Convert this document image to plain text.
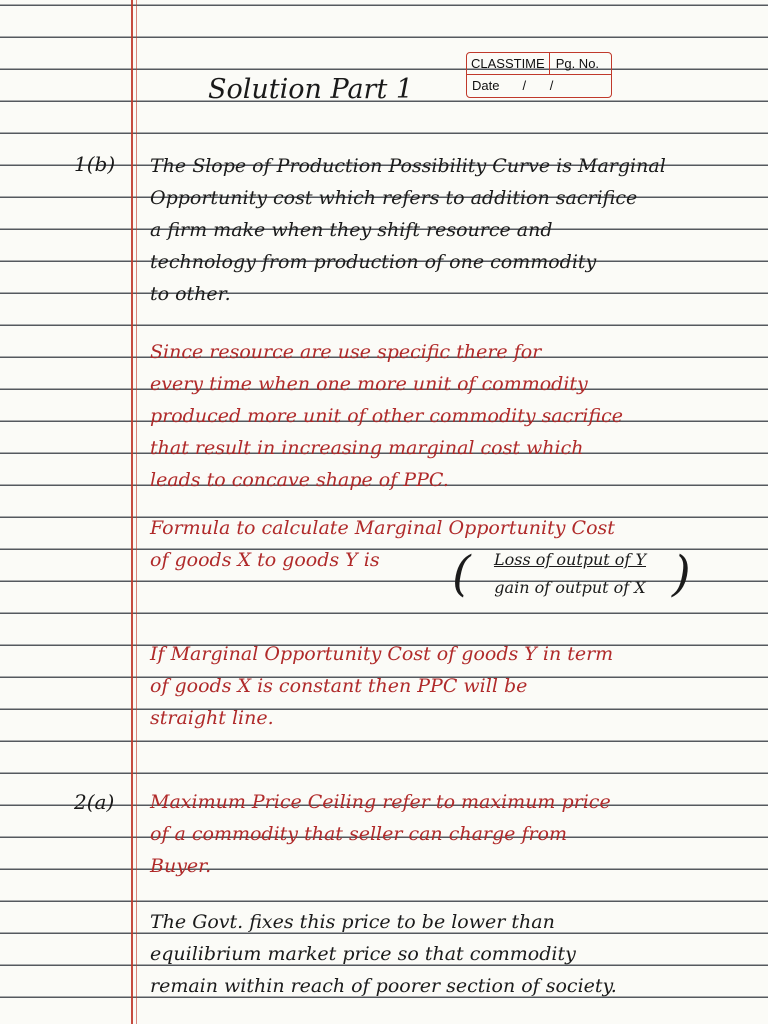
CLASSTIME Pg. No.
Date	/ /
Solution Part 1
1(b) The Slope of Production Possibility Curve is Marginal
Opportunity cost which refers to addition sacrifice
a firm make when they shift resource and
technology from production of one commodity
to other.
Since resource are use specific there for
every time when one more unit of commodity
produced more unit of other commodity sacrifice
that result in increasing marginal cost which
leads to concave shape of PPC.
Formula to calculate Marginal Opportunity Cost
of goods X to goods Y is	(	Loss of output of Y
gain of output of X )
If Marginal Opportunity Cost of goods Y in term
of goods X is constant then PPC will be
straight line.
2(a) Maximum Price Ceiling refer to maximum price
of a commodity that seller can charge from
Buyer.
The Govt. fixes this price to be lower than
equilibrium market price so that commodity
remain within reach of poorer section of society.
